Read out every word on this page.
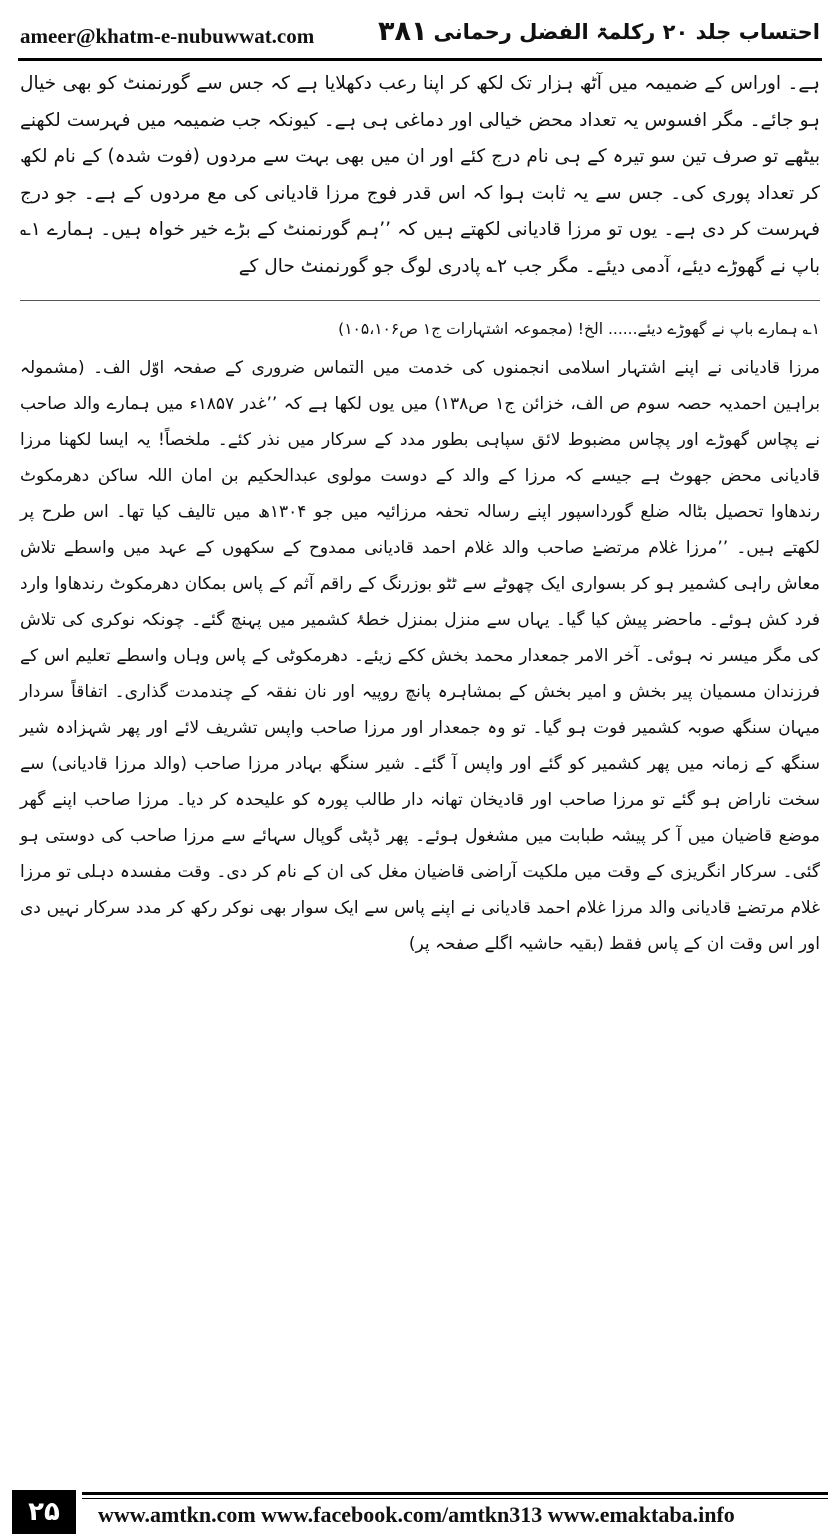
ameer@khatm-e-nubuwwat.com ٣٨١ احتساب جلد ۲۰ رکلمۃ الفضل رحمانی

ہے۔ اوراس کے ضمیمہ میں آٹھ ہزار تک لکھ کر اپنا رعب دکھلایا ہے کہ جس سے گورنمنٹ کو بھی خیال ہو جائے۔ مگر افسوس یہ تعداد محض خیالی اور دماغی ہی ہے۔ کیونکہ جب ضمیمہ میں فہرست لکھنے بیٹھے تو صرف تین سو تیرہ کے ہی نام درج کئے اور ان میں بھی بہت سے مردوں (فوت شدہ) کے نام لکھ کر تعداد پوری کی۔ جس سے یہ ثابت ہوا کہ اس قدر فوج مرزا قادیانی کی مع مردوں کے ہے۔ جو درج فہرست کر دی ہے۔ یوں تو مرزا قادیانی لکھتے ہیں کہ ’’ہم گورنمنٹ کے بڑے خیر خواہ ہیں۔ ہمارے ۱؎ باپ نے گھوڑے دیئے، آدمی دیئے۔ مگر جب ۲؎ پادری لوگ جو گورنمنٹ حال کے

۱؎ ہمارے باپ نے گھوڑے دیئے...... الخ! (مجموعہ اشتہارات ج۱ ص۱۰۵،۱۰۶)

مرزا قادیانی نے اپنے اشتہار اسلامی انجمنوں کی خدمت میں التماس ضروری کے صفحہ اوّل الف۔ (مشمولہ براہین احمدیہ حصہ سوم ص الف، خزائن ج۱ ص۱۳۸) میں یوں لکھا ہے کہ ’’غدر ۱۸۵۷ء میں ہمارے والد صاحب نے پچاس گھوڑے اور پچاس مضبوط لائق سپاہی بطور مدد کے سرکار میں نذر کئے۔ ملخصاً! یہ ایسا لکھنا مرزا قادیانی محض جھوٹ ہے جیسے کہ مرزا کے والد کے دوست مولوی عبدالحکیم بن امان اللہ ساکن دھرمکوٹ رندھاوا تحصیل بٹالہ ضلع گورداسپور اپنے رسالہ تحفہ مرزائیہ میں جو ۱۳۰۴ھ میں تالیف کیا تھا۔ اس طرح پر لکھتے ہیں۔ ’’مرزا غلام مرتضےٰ صاحب والد غلام احمد قادیانی ممدوح کے سکھوں کے عہد میں واسطے تلاش معاش راہی کشمیر ہو کر بسواری ایک چھوٹے سے ٹٹو بوزرنگ کے راقم آثم کے پاس بمکان دھرمکوٹ رندھاوا وارد فرد کش ہوئے۔ ماحضر پیش کیا گیا۔ یہاں سے منزل بمنزل خطۂ کشمیر میں پہنچ گئے۔ چونکہ نوکری کی تلاش کی مگر میسر نہ ہوئی۔ آخر الامر جمعدار محمد بخش ککے زیئے۔ دھرمکوٹی کے پاس وہاں واسطے تعلیم اس کے فرزندان مسمیان پیر بخش و امیر بخش کے بمشاہرہ پانچ روپیہ اور نان نفقہ کے چندمدت گذاری۔ اتفاقاً سردار میہان سنگھ صوبہ کشمیر فوت ہو گیا۔ تو وہ جمعدار اور مرزا صاحب واپس تشریف لائے اور پھر شہزادہ شیر سنگھ کے زمانہ میں پھر کشمیر کو گئے اور واپس آ گئے۔ شیر سنگھ بہادر مرزا صاحب (والد مرزا قادیانی) سے سخت ناراض ہو گئے تو مرزا صاحب اور قادیخان تھانہ دار طالب پورہ کو علیحدہ کر دیا۔ مرزا صاحب اپنے گھر موضع قاضیان میں آ کر پیشہ طبابت میں مشغول ہوئے۔ پھر ڈپٹی گوپال سہائے سے مرزا صاحب کی دوستی ہو گئی۔ سرکار انگریزی کے وقت میں ملکیت آراضی قاضیان مغل کی ان کے نام کر دی۔ وقت مفسدہ دہلی تو مرزا غلام مرتضےٰ قادیانی والد مرزا غلام احمد قادیانی نے اپنے پاس سے ایک سوار بھی نوکر رکھ کر مدد سرکار نہیں دی اور اس وقت ان کے پاس فقط (بقیہ حاشیہ اگلے صفحہ پر)

۲۵	www.amtkn.com www.facebook.com/amtkn313 www.emaktaba.info
